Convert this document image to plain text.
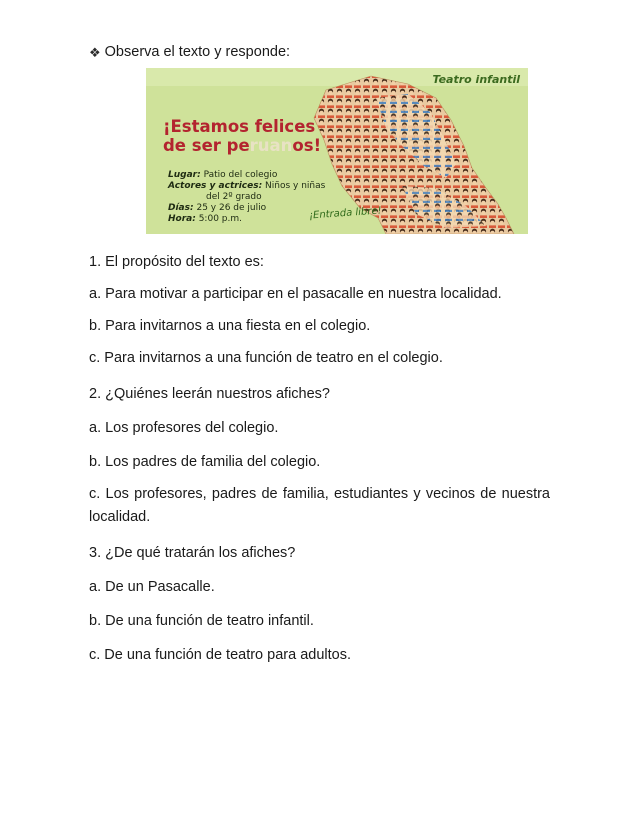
❖ Observa el texto y responde:
Teatro infantil
¡Estamos felices
de ser peruanos!
Lugar: Patio del colegio
Actores y actrices: Niños y niñas
del 2º grado
Días: 25 y 26 de julio
Hora: 5:00 p.m.	¡Entrada libre!
1. El propósito del texto es:
a. Para motivar a participar en el pasacalle en nuestra localidad.
b. Para invitarnos a una fiesta en el colegio.
c. Para invitarnos a una función de teatro en el colegio.
2. ¿Quiénes leerán nuestros afiches?
a. Los profesores del colegio.
b. Los padres de familia del colegio.
c. Los profesores, padres de familia, estudiantes y vecinos de nuestra localidad.
3. ¿De qué tratarán los afiches?
a. De un Pasacalle.
b. De una función de teatro infantil.
c. De una función de teatro para adultos.
